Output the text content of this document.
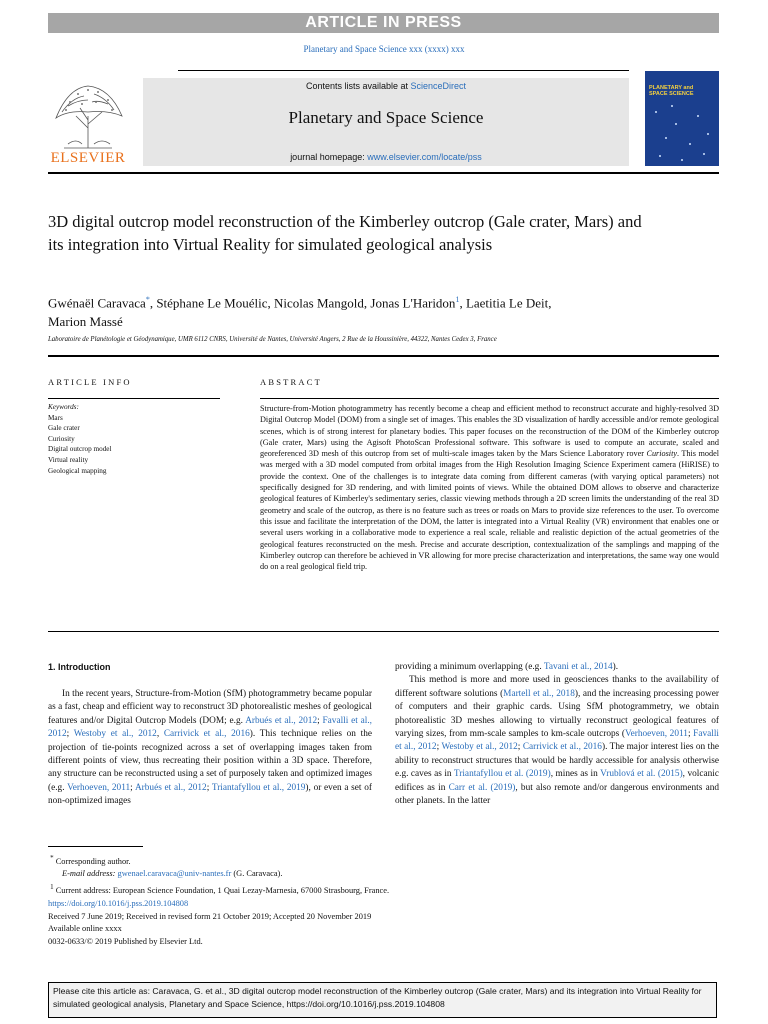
ARTICLE IN PRESS
Planetary and Space Science xxx (xxxx) xxx
ELSEVIER
Contents lists available at ScienceDirect
Planetary and Space Science
journal homepage: www.elsevier.com/locate/pss
PLANETARY and
SPACE SCIENCE
3D digital outcrop model reconstruction of the Kimberley outcrop (Gale crater, Mars) and its integration into Virtual Reality for simulated geological analysis
Gwénaël Caravaca*, Stéphane Le Mouélic, Nicolas Mangold, Jonas L'Haridon$^1$, Laetitia Le Deit,
Marion Massé
Laboratoire de Planétologie et Géodynamique, UMR 6112 CNRS, Université de Nantes, Université Angers, 2 Rue de la Houssinière, 44322, Nantes Cedex 3, France
ARTICLE INFO
Keywords:
Mars
Gale crater
Curiosity
Digital outcrop model
Virtual reality
Geological mapping
ABSTRACT
Structure-from-Motion photogrammetry has recently become a cheap and efficient method to reconstruct accurate and highly-resolved 3D Digital Outcrop Model (DOM) from a single set of images. This enables the 3D visualization of hardly accessible and/or remote geological scenes, which is of strong interest for planetary bodies. This paper focuses on the reconstruction of the DOM of the Kimberley outcrop (Gale crater, Mars) using the Agisoft PhotoScan Professional software. This software is used to compute an accurate, scaled and georeferenced 3D mesh of this outcrop from set of multi-scale images taken by the Mars Science Laboratory rover Curiosity. This model was merged with a 3D model computed from orbital images from the High Resolution Imaging Science Experiment camera (HiRISE) to provide the context. One of the challenges is to integrate data coming from different cameras (with varying optical parameters) not specifically designed for 3D rendering, and with limited points of views. While the obtained DOM allows to observe and characterize geological features of Kimberley's sedimentary series, classic viewing methods through a 2D screen limits the understanding of the real 3D geometry and scale of the outcrop, as there is no feature such as trees or roads on Mars to provide size references to the user. To overcome this issue and facilitate the interpretation of the DOM, the latter is integrated into a Virtual Reality (VR) environment that enables one or several users working in a collaborative mode to experience a real scale, reliable and realistic depiction of the actual geometries of the geological features reconstructed on the mesh. Precise and accurate description, contextualization of the samplings and mapping of the Kimberley outcrop can therefore be achieved in VR allowing for more precise characterization and interpretations, the same way one would do on a real geological field trip.
1. Introduction

In the recent years, Structure-from-Motion (SfM) photogrammetry became popular as a fast, cheap and efficient way to reconstruct 3D photorealistic meshes of geological features and/or Digital Outcrop Models (DOM; e.g. Arbués et al., 2012; Favalli et al., 2012; Westoby et al., 2012, Carrivick et al., 2016). This technique relies on the projection of tie-points recognized across a set of overlapping images taken from different points of view, thus recreating their position within a 3D space. Therefore, any structure can be reconstructed using a set of purposely taken and optimized images (e.g. Verhoeven, 2011; Arbués et al., 2012; Triantafyllou et al., 2019), or even a set of non-optimized images

providing a minimum overlapping (e.g. Tavani et al., 2014).

This method is more and more used in geosciences thanks to the availability of different software solutions (Martell et al., 2018), and the increasing processing power of computers and their graphic cards. Using SfM photogrammetry, we obtain photorealistic 3D meshes allowing to virtually reconstruct geological features of varying sizes, from mm-scale samples to km-scale outcrops (Verhoeven, 2011; Favalli et al., 2012; Westoby et al., 2012; Carrivick et al., 2016). The major interest lies on the ability to reconstruct structures that would be hardly accessible for analysis otherwise e.g. caves as in Triantafyllou et al. (2019), mines as in Vrublová et al. (2015), volcanic edifices as in Carr et al. (2019), but also remote and/or dangerous environments and other planets. In the latter

* Corresponding author.
E-mail address: gwenael.caravaca@univ-nantes.fr (G. Caravaca).
$^1$ Current address: European Science Foundation, 1 Quai Lezay-Marnesia, 67000 Strasbourg, France.
https://doi.org/10.1016/j.pss.2019.104808
Received 7 June 2019; Received in revised form 21 October 2019; Accepted 20 November 2019
Available online xxxx
0032-0633/© 2019 Published by Elsevier Ltd.
Please cite this article as: Caravaca, G. et al., 3D digital outcrop model reconstruction of the Kimberley outcrop (Gale crater, Mars) and its integration into Virtual Reality for simulated geological analysis, Planetary and Space Science, https://doi.org/10.1016/j.pss.2019.104808
